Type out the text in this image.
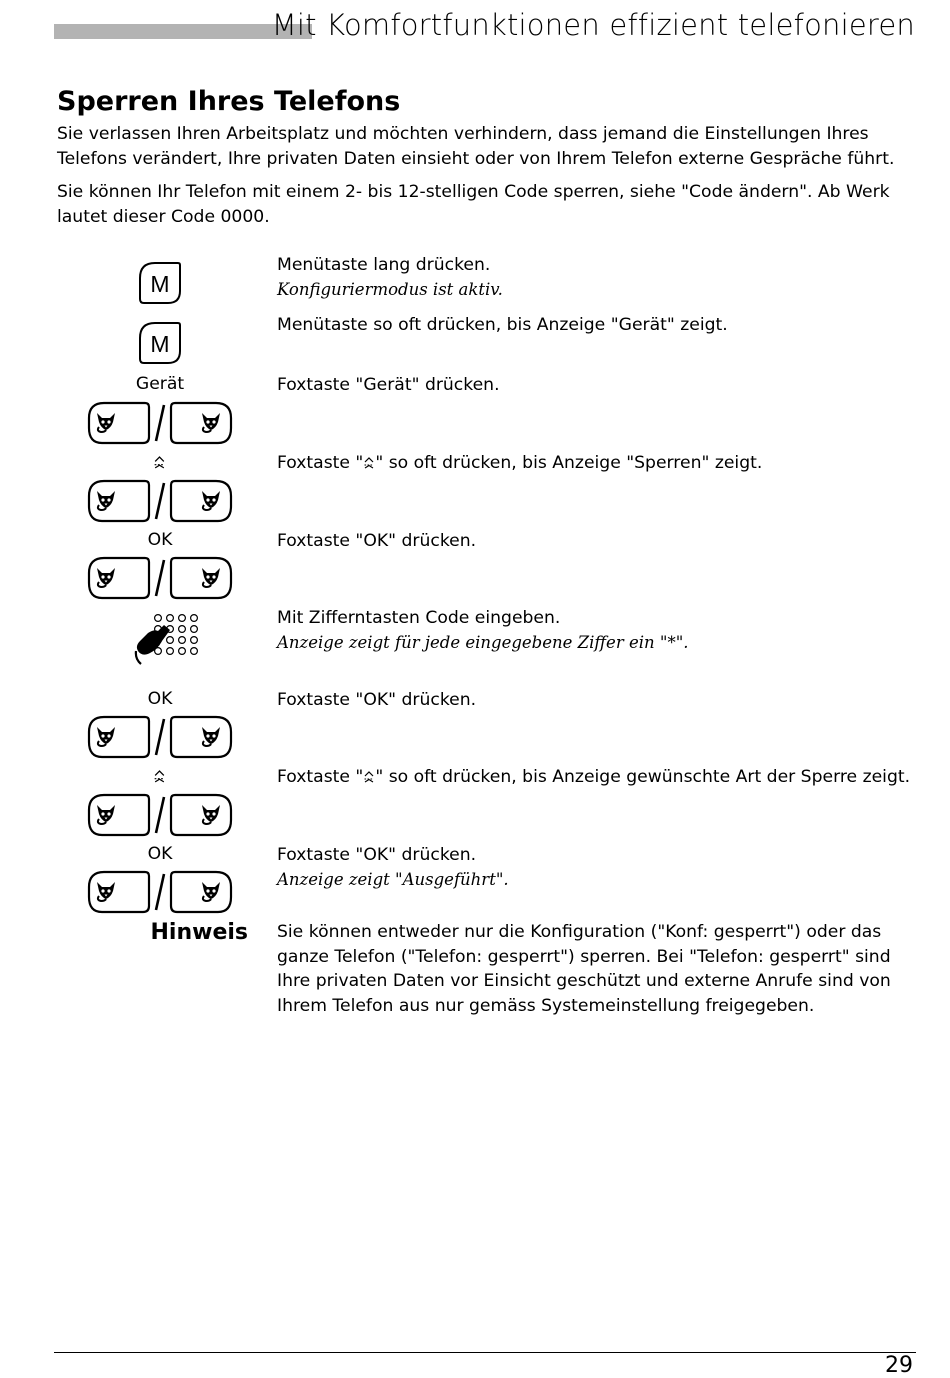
Mit Komfortfunktionen effizient telefonieren
Sperren Ihres Telefons

Sie verlassen Ihren Arbeitsplatz und möchten verhindern, dass jemand die Einstellungen Ihres Telefons verändert, Ihre privaten Daten einsieht oder von Ihrem Telefon externe Gespräche führt.

Sie können Ihr Telefon mit einem 2- bis 12-stelligen Code sperren, siehe "Code ändern". Ab Werk lautet dieser Code 0000.

M
Menütaste lang drücken.
Konfiguriermodus ist aktiv.
M
Menütaste so oft drücken, bis Anzeige "Gerät" zeigt.
Gerät	Foxtaste "Gerät" drücken.
Foxtaste " " so oft drücken, bis Anzeige "Sperren" zeigt.
OK	Foxtaste "OK" drücken.
Mit Zifferntasten Code eingeben.
Anzeige zeigt für jede eingegebene Ziffer ein "*".
OK	Foxtaste "OK" drücken.
Foxtaste " " so oft drücken, bis Anzeige gewünschte Art der Sperre zeigt.
OK	Foxtaste "OK" drücken.
Anzeige zeigt "Ausgeführt".
Hinweis Sie können entweder nur die Konfiguration ("Konf: gesperrt") oder das ganze Telefon ("Telefon: gesperrt") sperren. Bei "Telefon: gesperrt" sind Ihre privaten Daten vor Einsicht geschützt und externe Anrufe sind von Ihrem Telefon aus nur gemäss Systemeinstellung freigegeben.

29
